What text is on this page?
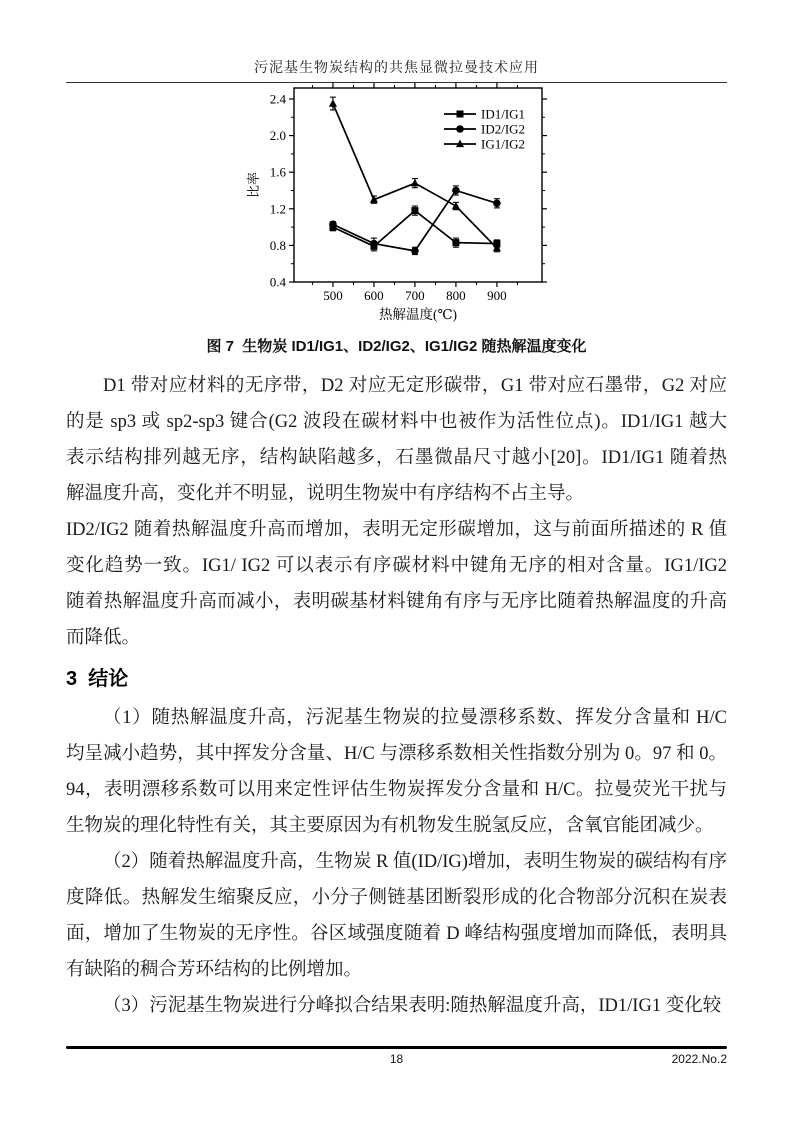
污泥基生物炭结构的共焦显微拉曼技术应用
500 600 700 800 900
0.4
0.8
1.2
1.6
2.0
2.4
热解温度(℃)
比率
ID1/IG1
ID2/IG2
IG1/IG2
图 7  生物炭 ID1/IG1、ID2/IG2、IG1/IG2 随热解温度变化
D1 带对应材料的无序带，D2 对应无定形碳带，G1 带对应石墨带，G2 对应
的是 sp3 或 sp2-sp3 键合(G2 波段在碳材料中也被作为活性位点)。ID1/IG1 越大
表示结构排列越无序，结构缺陷越多，石墨微晶尺寸越小[20]。ID1/IG1 随着热
解温度升高，变化并不明显，说明生物炭中有序结构不占主导。
ID2/IG2 随着热解温度升高而增加，表明无定形碳增加，这与前面所描述的 R 值
变化趋势一致。IG1/ IG2 可以表示有序碳材料中键角无序的相对含量。IG1/IG2
随着热解温度升高而减小，表明碳基材料键角有序与无序比随着热解温度的升高
而降低。
3  结论
（1）随热解温度升高，污泥基生物炭的拉曼漂移系数、挥发分含量和 H/C
均呈减小趋势，其中挥发分含量、H/C 与漂移系数相关性指数分别为 0。97 和 0。
94，表明漂移系数可以用来定性评估生物炭挥发分含量和 H/C。拉曼荧光干扰与
生物炭的理化特性有关，其主要原因为有机物发生脱氢反应，含氧官能团减少。
（2）随着热解温度升高，生物炭 R 值(ID/IG)增加，表明生物炭的碳结构有序
度降低。热解发生缩聚反应，小分子侧链基团断裂形成的化合物部分沉积在炭表
面，增加了生物炭的无序性。谷区域强度随着 D 峰结构强度增加而降低，表明具
有缺陷的稠合芳环结构的比例增加。
（3）污泥基生物炭进行分峰拟合结果表明:随热解温度升高，ID1/IG1 变化较
18	2022.No.2
